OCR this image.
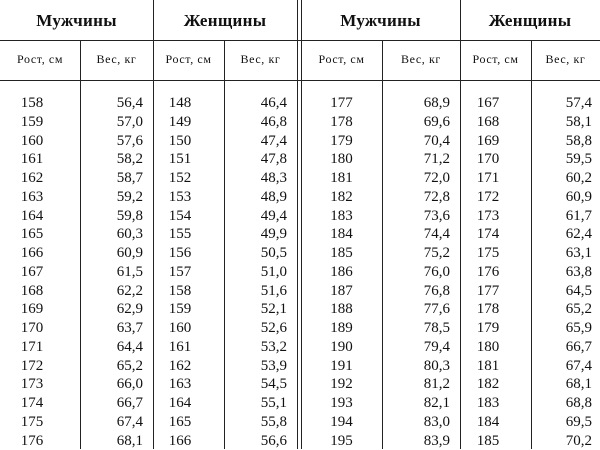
Мужчины	Женщины	Мужчины	Женщины
Рост, см	Вес, кг	Рост, см	Вес, кг	Рост, см	Вес, кг	Рост, см	Вес, кг
158	56,4	148	46,4	177	68,9	167	57,4
159	57,0	149	46,8	178	69,6	168	58,1
160	57,6	150	47,4	179	70,4	169	58,8
161	58,2	151	47,8	180	71,2	170	59,5
162	58,7	152	48,3	181	72,0	171	60,2
163	59,2	153	48,9	182	72,8	172	60,9
164	59,8	154	49,4	183	73,6	173	61,7
165	60,3	155	49,9	184	74,4	174	62,4
166	60,9	156	50,5	185	75,2	175	63,1
167	61,5	157	51,0	186	76,0	176	63,8
168	62,2	158	51,6	187	76,8	177	64,5
169	62,9	159	52,1	188	77,6	178	65,2
170	63,7	160	52,6	189	78,5	179	65,9
171	64,4	161	53,2	190	79,4	180	66,7
172	65,2	162	53,9	191	80,3	181	67,4
173	66,0	163	54,5	192	81,2	182	68,1
174	66,7	164	55,1	193	82,1	183	68,8
175	67,4	165	55,8	194	83,0	184	69,5
176	68,1	166	56,6	195	83,9	185	70,2
